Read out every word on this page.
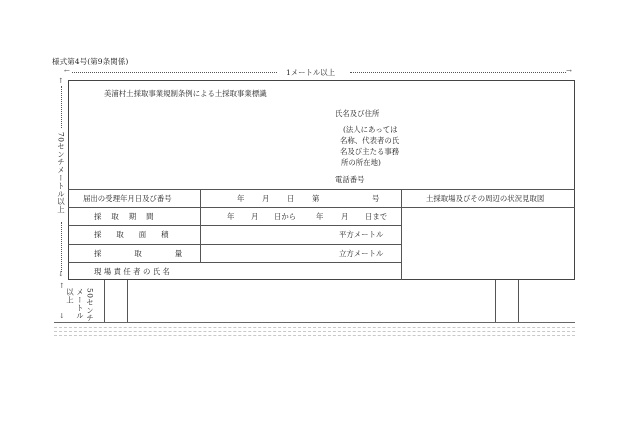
様式第4号(第9条関係)
←	1メートル以上	→
↑
70センチメートル以上
↓
↑
50センチ
メートル
以上
↓
美浦村土採取事業規制条例による土採取事業標識
氏名及び住所
(法人にあっては
名称、代表者の氏
名及び主たる事務
所の所在地)
電話番号
届出の受理年月日及び番号	年 月 日 第	号	土採取場及びその周辺の状況見取図
採取期間	年 月 日から	年 月 日まで
採取面積	平方メートル
採取量	立方メートル
現場責任者の氏名
